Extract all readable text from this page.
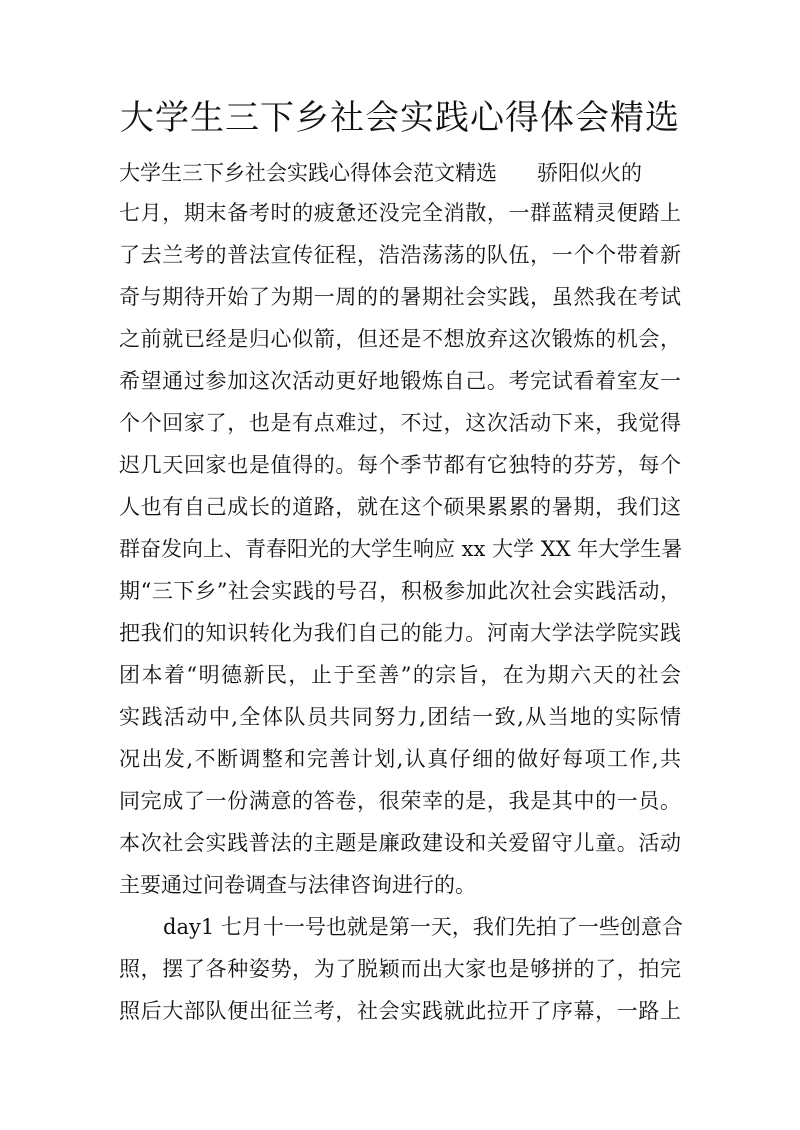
大学生三下乡社会实践心得体会精选

大学生三下乡社会实践心得体会范文精选      骄阳似火的

七月，期末备考时的疲惫还没完全消散，一群蓝精灵便踏上

了去兰考的普法宣传征程，浩浩荡荡的队伍，一个个带着新

奇与期待开始了为期一周的的暑期社会实践，虽然我在考试

之前就已经是归心似箭，但还是不想放弃这次锻炼的机会，

希望通过参加这次活动更好地锻炼自己。考完试看着室友一

个个回家了，也是有点难过，不过，这次活动下来，我觉得

迟几天回家也是值得的。每个季节都有它独特的芬芳，每个

人也有自己成长的道路，就在这个硕果累累的暑期，我们这

群奋发向上、青春阳光的大学生响应 xx 大学 XX 年大学生暑

期“三下乡”社会实践的号召，积极参加此次社会实践活动，

把我们的知识转化为我们自己的能力。河南大学法学院实践

团本着“明德新民，止于至善”的宗旨，在为期六天的社会

实践活动中,全体队员共同努力,团结一致,从当地的实际情

况出发,不断调整和完善计划,认真仔细的做好每项工作,共

同完成了一份满意的答卷，很荣幸的是，我是其中的一员。

本次社会实践普法的主题是廉政建设和关爱留守儿童。活动

主要通过问卷调查与法律咨询进行的。

day1 七月十一号也就是第一天，我们先拍了一些创意合

照，摆了各种姿势，为了脱颖而出大家也是够拼的了，拍完

照后大部队便出征兰考，社会实践就此拉开了序幕，一路上
